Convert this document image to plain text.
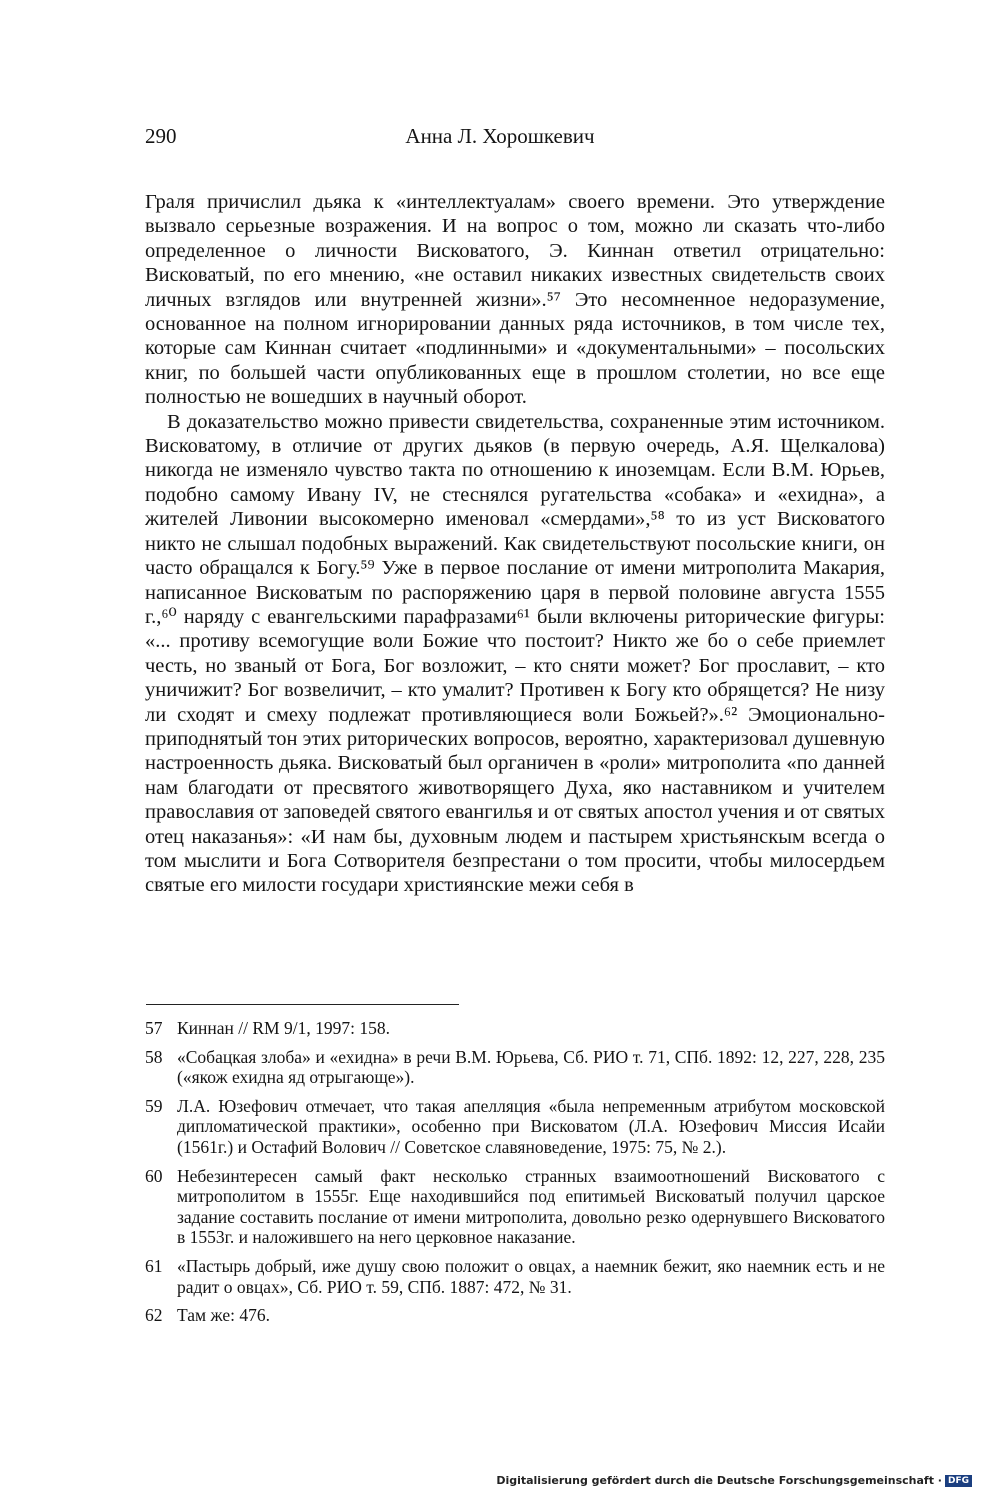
290	Анна Л. Хорошкевич

Граля причислил дьяка к «интеллектуалам» своего времени. Это утверждение вызвало серьезные возражения. И на вопрос о том, можно ли сказать что-либо определенное о личности Висковатого, Э. Киннан ответил отрицательно: Висковатый, по его мнению, «не оставил никаких известных свидетельств своих личных взглядов или внутренней жизни».⁵⁷ Это несомненное недоразумение, основанное на полном игнорировании данных ряда источников, в том числе тех, которые сам Киннан считает «подлинными» и «документальными» – посольских книг, по большей части опубликованных еще в прошлом столетии, но все еще полностью не вошедших в научный оборот.

В доказательство можно привести свидетельства, сохраненные этим источником. Висковатому, в отличие от других дьяков (в первую очередь, А.Я. Щелкалова) никогда не изменяло чувство такта по отношению к иноземцам. Если В.М. Юрьев, подобно самому Ивану IV, не стеснялся ругательства «собака» и «ехидна», а жителей Ливонии высокомерно именовал «смердами»,⁵⁸ то из уст Висковатого никто не слышал подобных выражений. Как свидетельствуют посольские книги, он часто обращался к Богу.⁵⁹ Уже в первое послание от имени митрополита Макария, написанное Висковатым по распоряжению царя в первой половине августа 1555 г.,⁶⁰ наряду с евангельскими парафразами⁶¹ были включены риторические фигуры: «... противу всемогущие воли Божие что постоит? Никто же бо о себе приемлет честь, но званый от Бога, Бог возложит, – кто сняти может? Бог прославит, – кто уничижит? Бог возвеличит, – кто умалит? Противен к Богу кто обрящется? Не низу ли сходят и смеху подлежат противляющиеся воли Божьей?».⁶² Эмоционально-приподнятый тон этих риторических вопросов, вероятно, характеризовал душевную настроенность дьяка. Висковатый был органичен в «роли» митрополита «по данней нам благодати от пресвятого животворящего Духа, яко наставником и учителем православия от заповедей святого евангилья и от святых апостол учения и от святых отец наказанья»: «И нам бы, духовным людем и пастырем христьянскым всегда о том мыслити и Бога Сотворителя безпрестани о том просити, чтобы милосердьем святые его милости государи християнские межи себя в

57 Киннан // RM 9/1, 1997: 158.
58 «Собацкая злоба» и «ехидна» в речи В.М. Юрьева, Сб. РИО т. 71, СПб. 1892: 12, 227, 228, 235 («якож ехидна яд отрыгающе»).
59 Л.А. Юзефович отмечает, что такая апелляция «была непременным атрибутом московской дипломатической практики», особенно при Висковатом (Л.А. Юзефович Миссия Исайи (1561г.) и Остафий Волович // Советское славяноведение, 1975: 75, № 2.).
60 Небезинтересен самый факт несколько странных взаимоотношений Висковатого с митрополитом в 1555г. Еще находившийся под епитимьей Висковатый получил царское задание составить послание от имени митрополита, довольно резко одернувшего Висковатого в 1553г. и наложившего на него церковное наказание.
61 «Пастырь добрый, иже душу свою положит о овцах, а наемник бежит, яко наемник есть и не радит о овцах», Сб. РИО т. 59, СПб. 1887: 472, № 31.
62 Там же: 476.
Digitalisierung gefördert durch die Deutsche Forschungsgemeinschaft · DFG
